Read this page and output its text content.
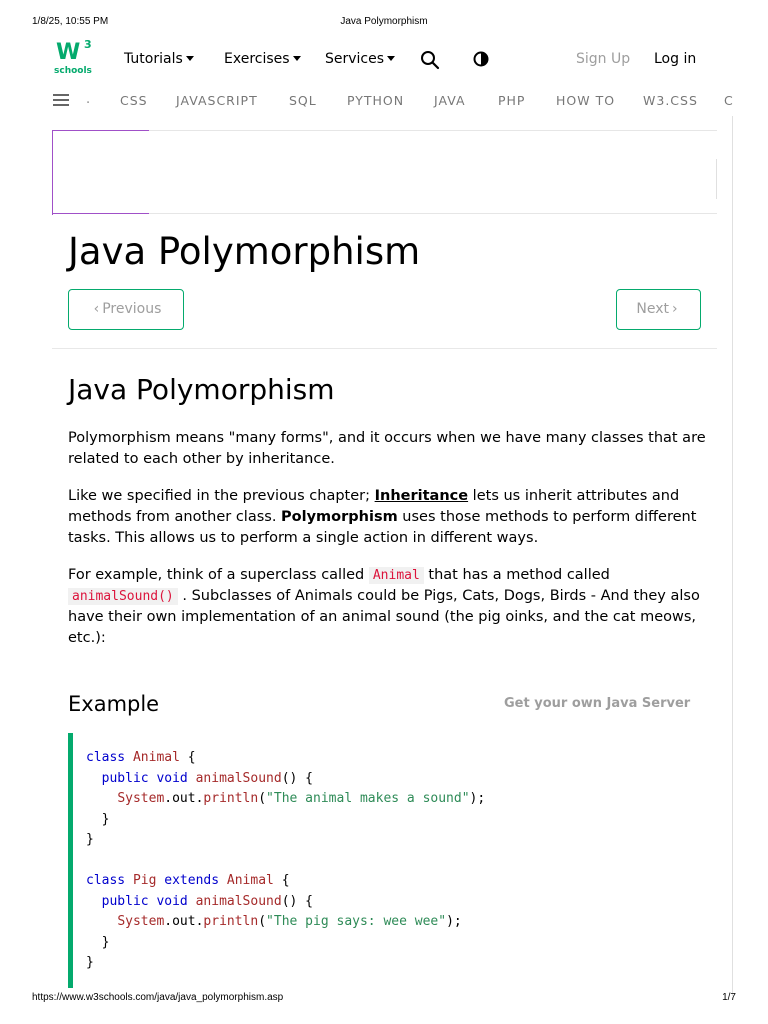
1/8/25, 10:55 PM	Java Polymorphism
W 3
schools
Tutorials	Exercises	Services	Sign Up Log in
. CSS JAVASCRIPT	SQL PYTHON JAVA	PHP HOW TO W3.CSS C
Java Polymorphism
‹ Previous	Next ›
Java Polymorphism

Polymorphism means "many forms", and it occurs when we have many classes that are related to each other by inheritance.

Like we specified in the previous chapter; Inheritance lets us inherit attributes and methods from another class. Polymorphism uses those methods to perform different tasks. This allows us to perform a single action in different ways.

For example, think of a superclass called Animal that has a method called animalSound() . Subclasses of Animals could be Pigs, Cats, Dogs, Birds - And they also have their own implementation of an animal sound (the pig oinks, and the cat meows, etc.):

Example	Get your own Java Server
class Animal {
public void animalSound() {
System.out.println("The animal makes a sound");
}
}

class Pig extends Animal {
public void animalSound() {
System.out.println("The pig says: wee wee");
}
}
https://www.w3schools.com/java/java_polymorphism.asp	1/7
